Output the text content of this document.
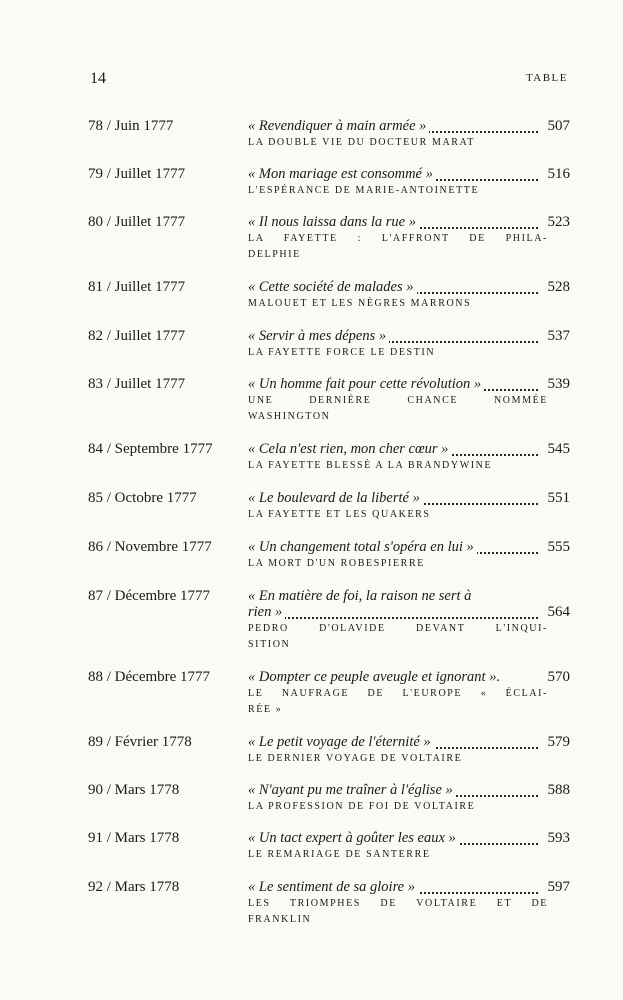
14	TABLE
78 / Juin 1777	« Revendiquer à main armée »	507
LA DOUBLE VIE DU DOCTEUR MARAT
79 / Juillet 1777	« Mon mariage est consommé »	516
L'ESPÉRANCE DE MARIE-ANTOINETTE
80 / Juillet 1777	« Il nous laissa dans la rue »	523
LA FAYETTE : L'AFFRONT DE PHILA-
DELPHIE
81 / Juillet 1777	« Cette société de malades »	528
MALOUET ET LES NÈGRES MARRONS
82 / Juillet 1777	« Servir à mes dépens »	537
LA FAYETTE FORCE LE DESTIN
83 / Juillet 1777	« Un homme fait pour cette révolution »	539
UNE DERNIÈRE CHANCE NOMMÉE
WASHINGTON
84 / Septembre 1777 « Cela n'est rien, mon cher cœur »	545
LA FAYETTE BLESSÉ A LA BRANDYWINE
85 / Octobre 1777	« Le boulevard de la liberté »	551
LA FAYETTE ET LES QUAKERS
86 / Novembre 1777	« Un changement total s'opéra en lui »	555
LA MORT D'UN ROBESPIERRE
87 / Décembre 1777	« En matière de foi, la raison ne sert à
rien »	564
PEDRO D'OLAVIDE DEVANT L'INQUI-
SITION
88 / Décembre 1777	« Dompter ce peuple aveugle et ignorant ».	570
LE NAUFRAGE DE L'EUROPE « ÉCLAI-
RÉE »
89 / Février 1778	« Le petit voyage de l'éternité »	579
LE DERNIER VOYAGE DE VOLTAIRE
90 / Mars 1778	« N'ayant pu me traîner à l'église »	588
LA PROFESSION DE FOI DE VOLTAIRE
91 / Mars 1778	« Un tact expert à goûter les eaux »	593
LE REMARIAGE DE SANTERRE
92 / Mars 1778	« Le sentiment de sa gloire »	597
LES TRIOMPHES DE VOLTAIRE ET DE
FRANKLIN
